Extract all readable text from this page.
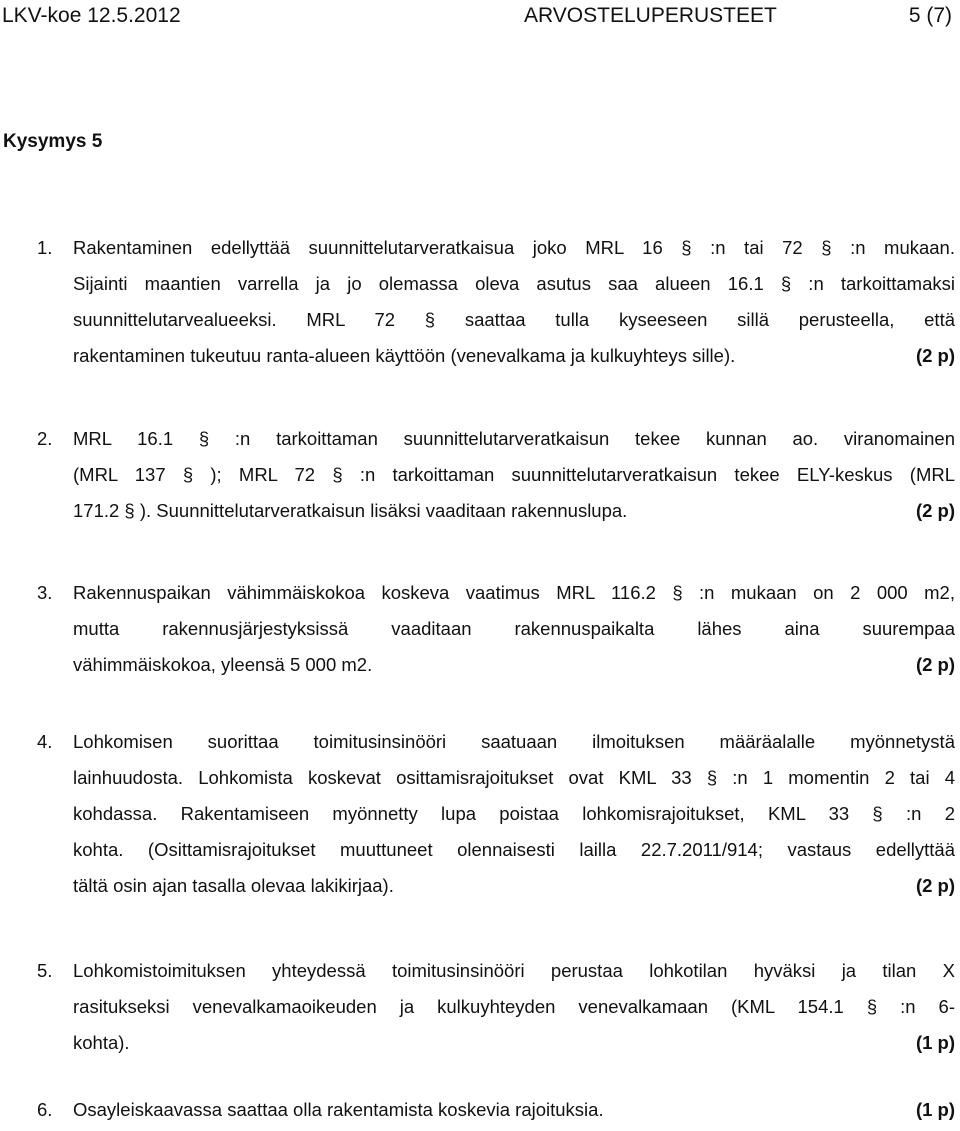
LKV-koe 12.5.2012	ARVOSTELUPERUSTEET	5 (7)
Kysymys 5
1. Rakentaminen edellyttää suunnittelutarveratkaisua joko MRL 16 § :n tai 72 § :n mukaan.
Sijainti maantien varrella ja jo olemassa oleva asutus saa alueen 16.1 § :n tarkoittamaksi
suunnittelutarvealueeksi. MRL 72 § saattaa tulla kyseeseen sillä perusteella, että
rakentaminen tukeutuu ranta-alueen käyttöön (venevalkama ja kulkuyhteys sille).	(2 p)
2. MRL 16.1 § :n tarkoittaman suunnittelutarveratkaisun tekee kunnan ao. viranomainen
(MRL 137 § ); MRL 72 § :n tarkoittaman suunnittelutarveratkaisun tekee ELY-keskus (MRL
171.2 § ). Suunnittelutarveratkaisun lisäksi vaaditaan rakennuslupa.	(2 p)
3. Rakennuspaikan vähimmäiskokoa koskeva vaatimus MRL 116.2 § :n mukaan on 2 000 m2,
mutta rakennusjärjestyksissä vaaditaan rakennuspaikalta lähes aina suurempaa
vähimmäiskokoa, yleensä 5 000 m2.	(2 p)
4. Lohkomisen suorittaa toimitusinsinööri saatuaan ilmoituksen määräalalle myönnetystä
lainhuudosta. Lohkomista koskevat osittamisrajoitukset ovat KML 33 § :n 1 momentin 2 tai 4
kohdassa. Rakentamiseen myönnetty lupa poistaa lohkomisrajoitukset, KML 33 § :n 2
kohta. (Osittamisrajoitukset muuttuneet olennaisesti lailla 22.7.2011/914; vastaus edellyttää
tältä osin ajan tasalla olevaa lakikirjaa).	(2 p)
5. Lohkomistoimituksen yhteydessä toimitusinsinööri perustaa lohkotilan hyväksi ja tilan X
rasitukseksi venevalkamaoikeuden ja kulkuyhteyden venevalkamaan (KML 154.1 § :n 6-
kohta).	(1 p)
6. Osayleiskaavassa saattaa olla rakentamista koskevia rajoituksia.	(1 p)
